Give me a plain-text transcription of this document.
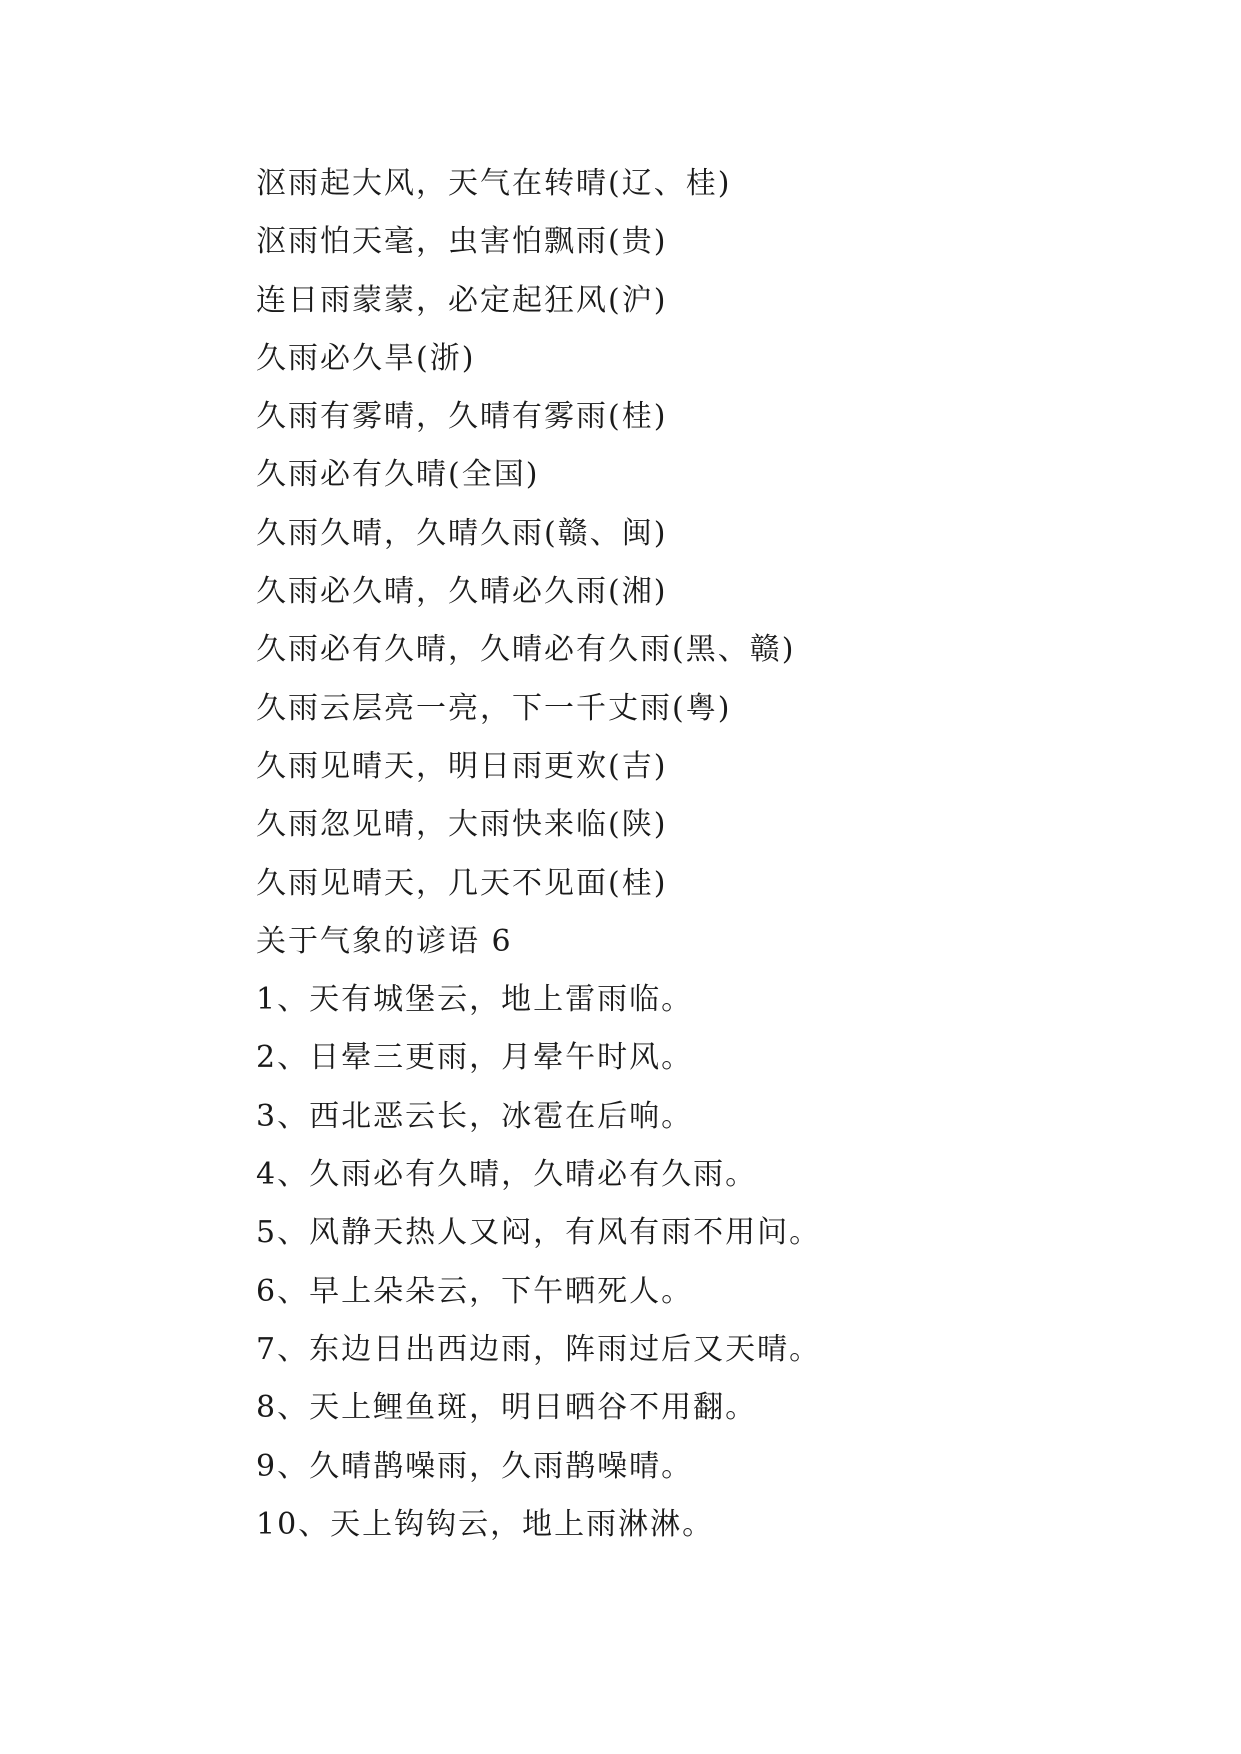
沤雨起大风，天气在转晴(辽、桂)
沤雨怕天毫，虫害怕飘雨(贵)
连日雨蒙蒙，必定起狂风(沪)
久雨必久旱(浙)
久雨有雾晴，久晴有雾雨(桂)
久雨必有久晴(全国)
久雨久晴，久晴久雨(赣、闽)
久雨必久晴，久晴必久雨(湘)
久雨必有久晴，久晴必有久雨(黑、赣)
久雨云层亮一亮，下一千丈雨(粤)
久雨见晴天，明日雨更欢(吉)
久雨忽见晴，大雨快来临(陕)
久雨见晴天，几天不见面(桂)
关于气象的谚语 6
1、天有城堡云，地上雷雨临。
2、日晕三更雨，月晕午时风。
3、西北恶云长，冰雹在后响。
4、久雨必有久晴，久晴必有久雨。
5、风静天热人又闷，有风有雨不用问。
6、早上朵朵云，下午晒死人。
7、东边日出西边雨，阵雨过后又天晴。
8、天上鲤鱼斑，明日晒谷不用翻。
9、久晴鹊噪雨，久雨鹊噪晴。
10、天上钩钩云，地上雨淋淋。
